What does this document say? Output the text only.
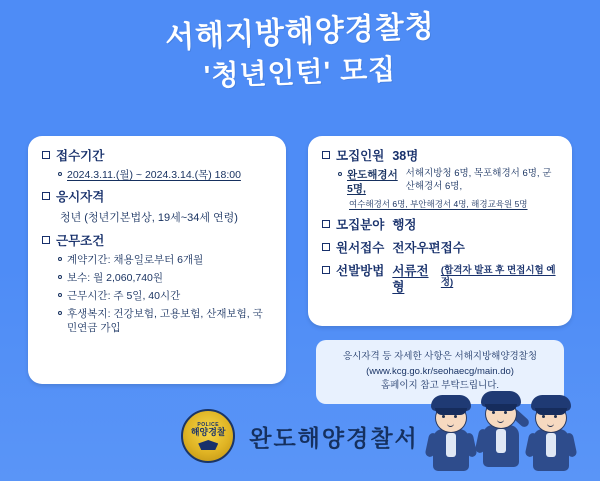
서해지방해양경찰청
'청년인턴' 모집
접수기간
2024.3.11.(월) ~ 2024.3.14.(목) 18:00
응시자격
청년 (청년기본법상, 19세~34세 연령)
근무조건
계약기간: 채용일로부터 6개월
보수: 월 2,060,740원
근무시간: 주 5일, 40시간
후생복지: 건강보험, 고용보험, 산재보험, 국민연금 가입
모집인원 38명
완도해경서 5명,
서해지방청 6명, 목포해경서 6명, 군산해경서 6명,
여수해경서 6명, 부안해경서 4명, 해경교육원 5명
모집분야 행정
원서접수 전자우편접수
선발방법 서류전형
(합격자 발표 후 면접시험 예정)
응시자격 등 자세한 사항은 서해지방해양경찰청
(www.kcg.go.kr/seohaecg/main.do)
홈페이지 참고 부탁드립니다.
POLICE
해양경찰 완도해양경찰서
